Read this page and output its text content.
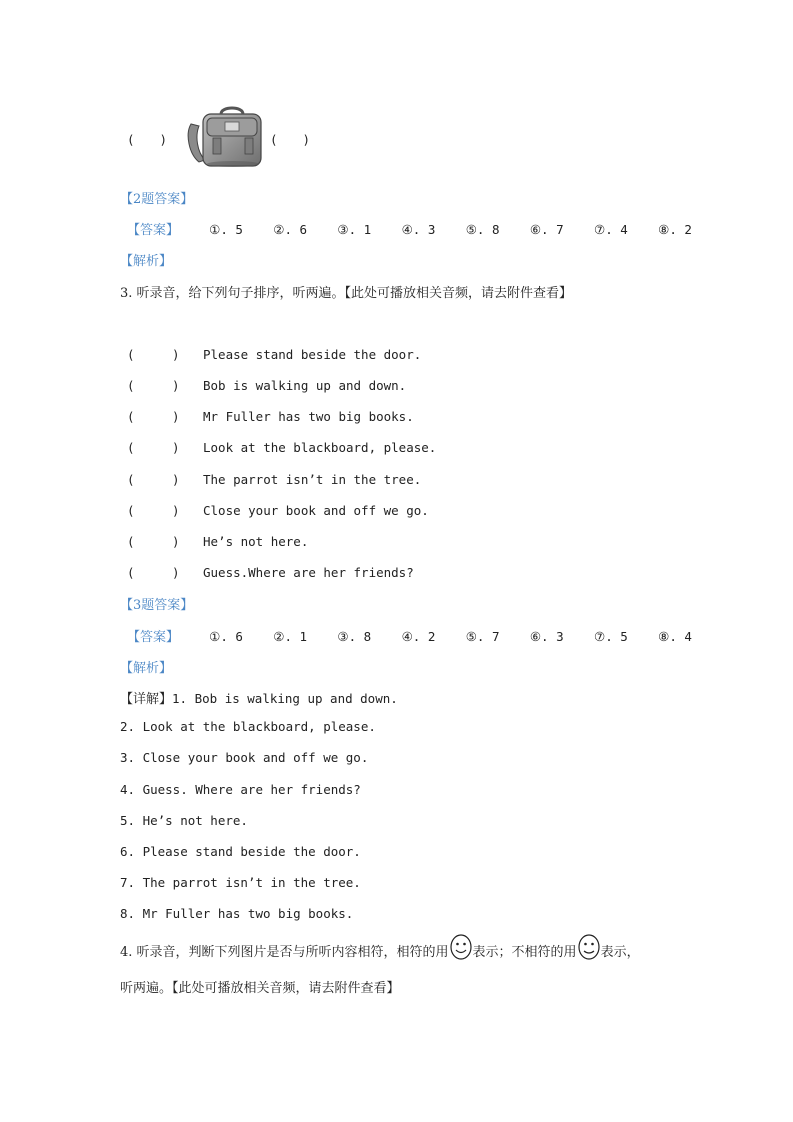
(　　)	(　　)
【2题答案】
【答案】 ①. 5 ②. 6 ③. 1 ④. 3 ⑤. 8 ⑥. 7 ⑦. 4 ⑧. 2
【解析】
3. 听录音，给下列句子排序，听两遍。【此处可播放相关音频，请去附件查看】
(　　　) Please stand beside the door.
(　　　) Bob is walking up and down.
(　　　) Mr Fuller has two big books.
(　　　) Look at the blackboard, please.
(　　　) The parrot isn’t in the tree.
(　　　) Close your book and off we go.
(　　　) He’s not here.
(　　　) Guess.Where are her friends?
【3题答案】
【答案】 ①. 6 ②. 1 ③. 8 ④. 2 ⑤. 7 ⑥. 3 ⑦. 5 ⑧. 4
【解析】
【详解】1. Bob is walking up and down.
2. Look at the blackboard, please.
3. Close your book and off we go.
4. Guess. Where are her friends?
5. He’s not here.
6. Please stand beside the door.
7. The parrot isn’t in the tree.
8. Mr Fuller has two big books.
4. 听录音，判断下列图片是否与所听内容相符，相符的用 表示；不相符的用 表示，
听两遍。【此处可播放相关音频，请去附件查看】
